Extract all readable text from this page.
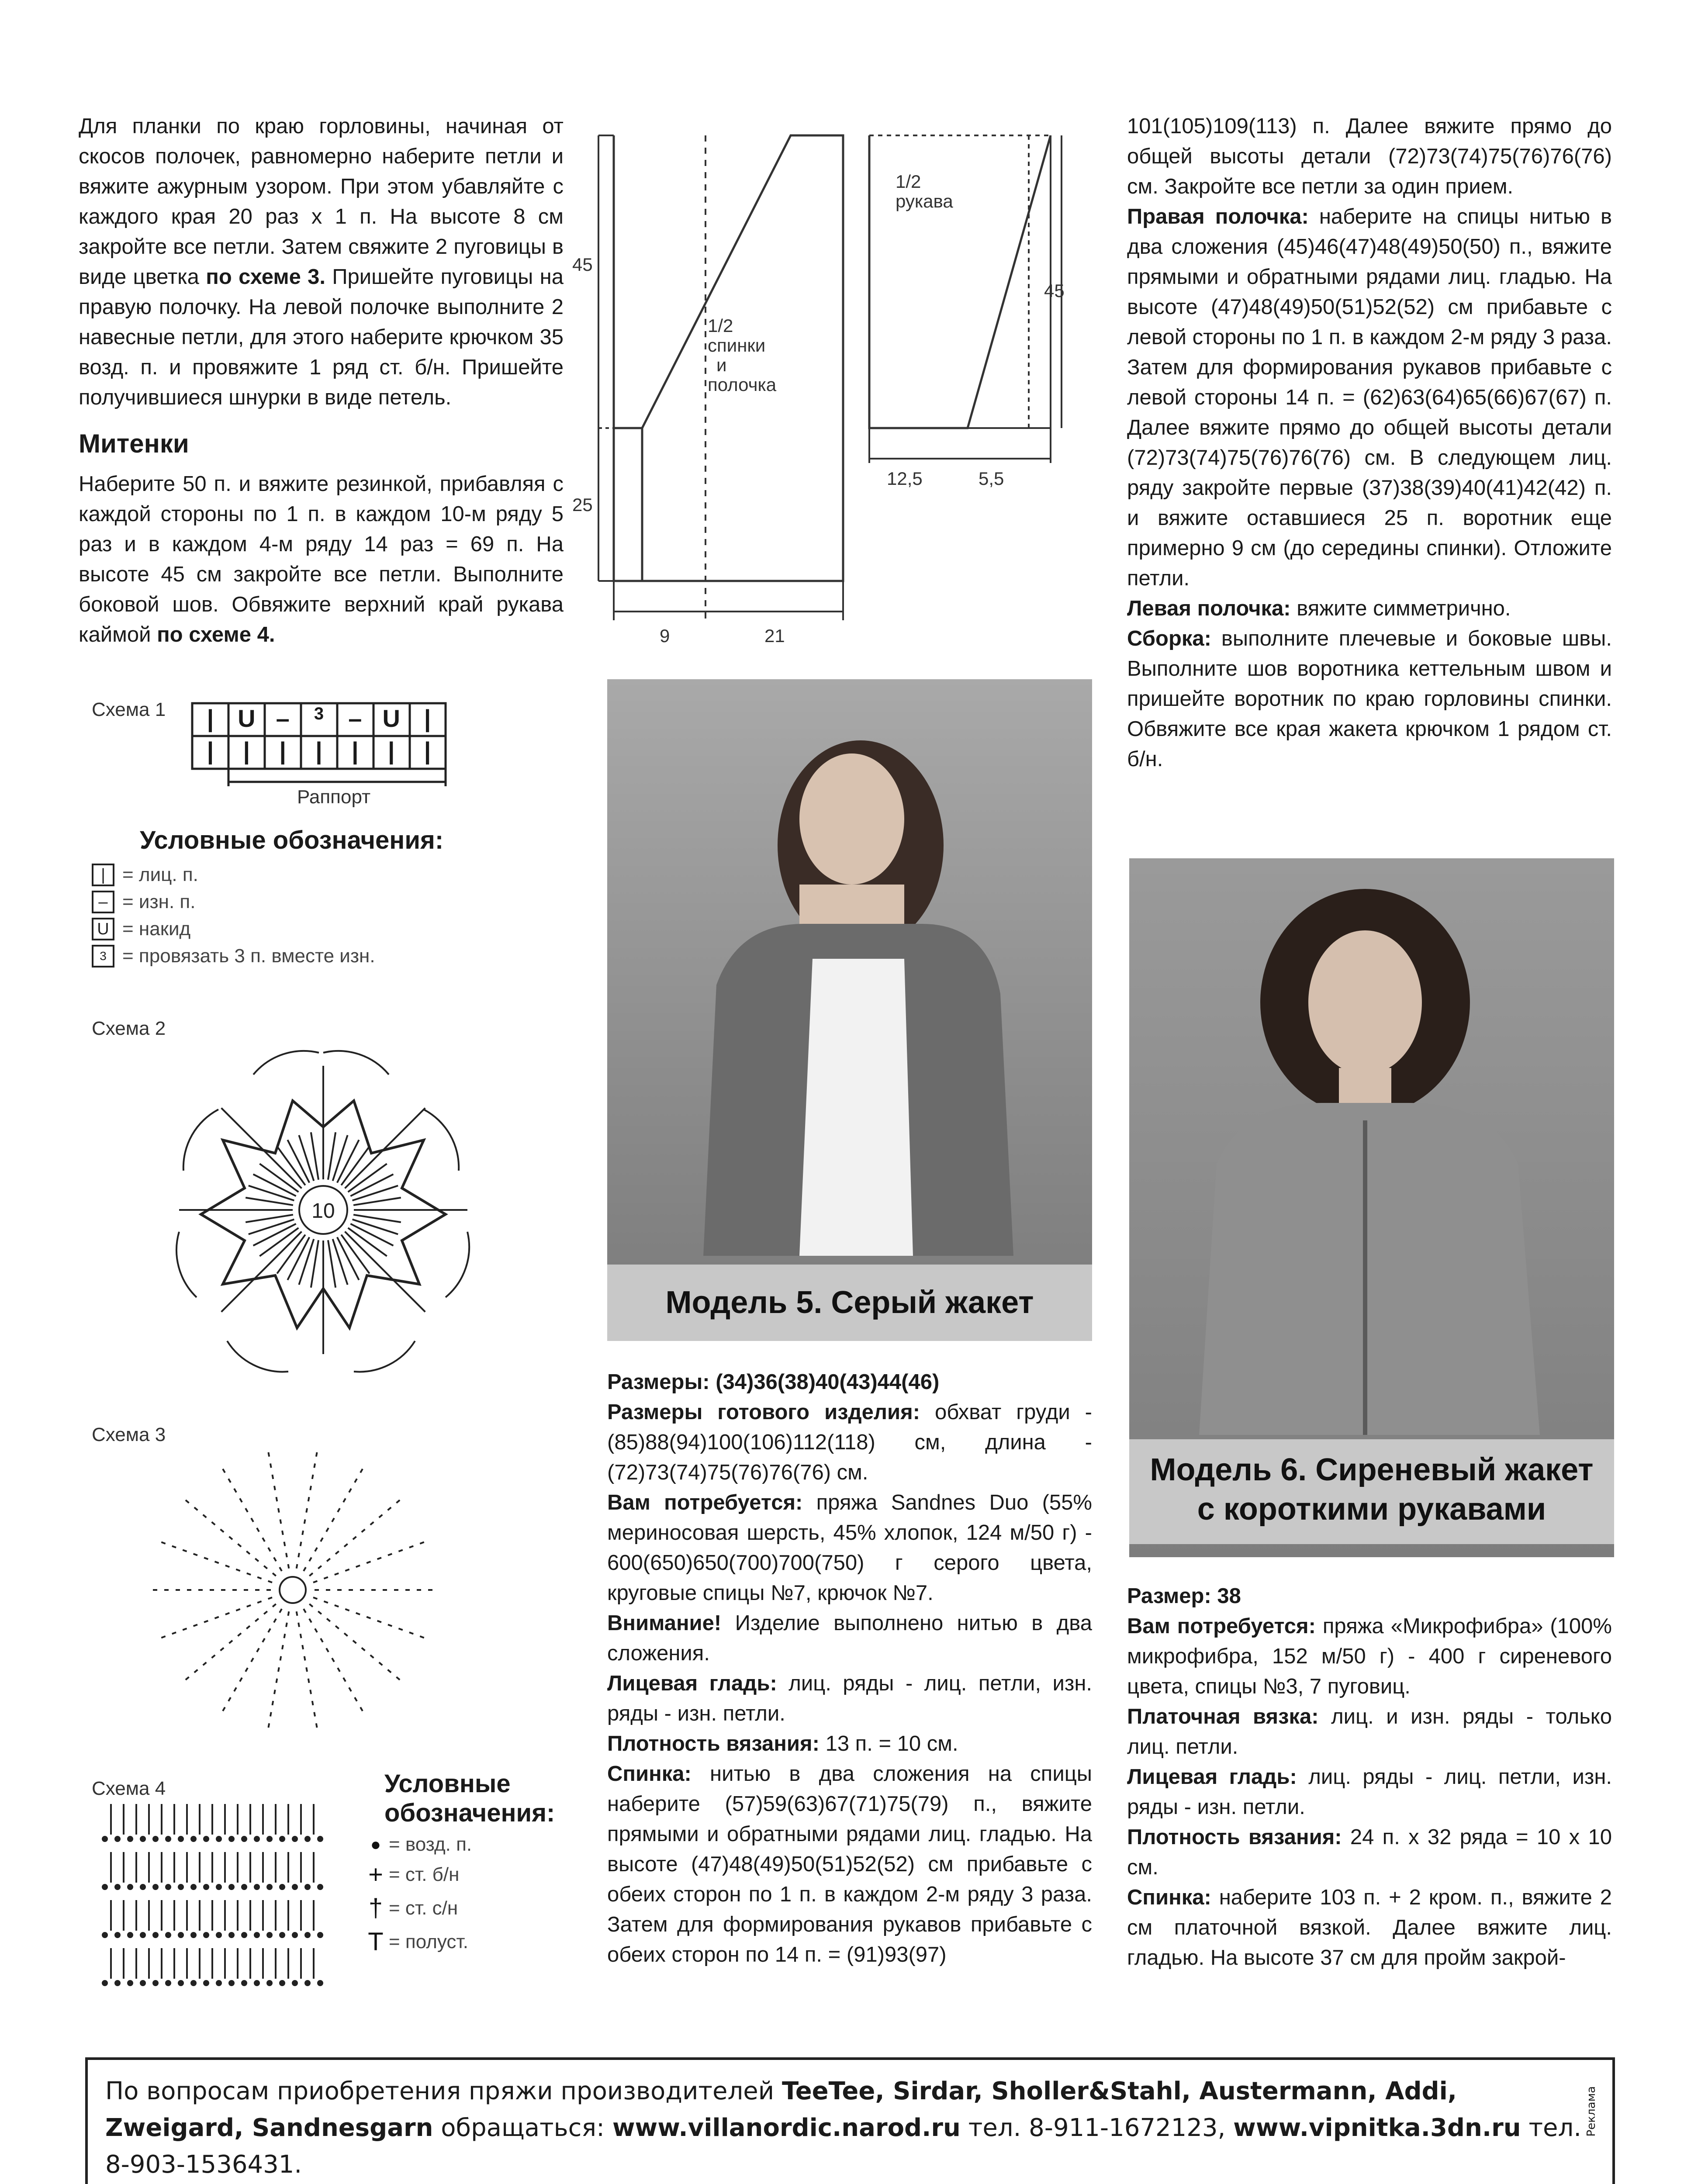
Для планки по краю горловины, начиная от скосов полочек, равномерно наберите петли и вяжите ажурным узором. При этом убавляйте с каждого края 20 раз х 1 п. На высоте 8 см закройте все петли. Затем свяжите 2 пуговицы в виде цветка по схеме 3. Пришейте пуговицы на правую полочку. На левой полочке выполните 2 навесные петли, для этого наберите крючком 35 возд. п. и провяжите 1 ряд ст. б/н. Пришейте получившиеся шнурки в виде петель.

Митенки

Наберите 50 п. и вяжите резинкой, прибавляя с каждой стороны по 1 п. в каждом 10-м ряду 5 раз и в каждом 4-м ряду 14 раз = 69 п. На высоте 45 см закройте все петли. Выполните боковой шов. Обвяжите верхний край рукава каймой по схеме 4.

Схема 1	| U –	3	– U |
|	|	|	|	|	|	|
Раппорт
Условные обозначения:
| = лиц. п.
– = изн. п.
U = накид
3 = провязать 3 п. вместе изн.
Схема 2
10
Схема 3
Схема 4	Условные
обозначения:
● = возд. п.
+ = ст. б/н
† = ст. с/н
Т = полуст.
1/2
спинки
и
полочка
45
25
9	21
1/2
рукава
45
12,5	5,5
Модель 5. Серый жакет

Размеры: (34)36(38)40(43)44(46)

Размеры готового изделия: обхват груди - (85)88(94)100(106)112(118) см, длина - (72)73(74)75(76)76(76) см.

Вам потребуется: пряжа Sandnes Duo (55% мериносовая шерсть, 45% хлопок, 124 м/50 г) - 600(650)650(700)700(750) г серого цвета, круговые спицы №7, крючок №7.

Внимание! Изделие выполнено нитью в два сложения.

Лицевая гладь: лиц. ряды - лиц. петли, изн. ряды - изн. петли.

Плотность вязания: 13 п. = 10 см.

Спинка: нитью в два сложения на спицы наберите (57)59(63)67(71)75(79) п., вяжите прямыми и обратными рядами лиц. гладью. На высоте (47)48(49)50(51)52(52) см прибавьте с обеих сторон по 1 п. в каждом 2-м ряду 3 раза. Затем для формирования рукавов прибавьте с обеих сторон по 14 п. = (91)93(97)

101(105)109(113) п. Далее вяжите прямо до общей высоты детали (72)73(74)75(76)76(76) см. Закройте все петли за один прием.

Правая полочка: наберите на спицы нитью в два сложения (45)46(47)48(49)50(50) п., вяжите прямыми и обратными рядами лиц. гладью. На высоте (47)48(49)50(51)52(52) см прибавьте с левой стороны по 1 п. в каждом 2-м ряду 3 раза. Затем для формирования рукавов прибавьте с левой стороны 14 п. = (62)63(64)65(66)67(67) п. Далее вяжите прямо до общей высоты детали (72)73(74)75(76)76(76) см. В следующем лиц. ряду закройте первые (37)38(39)40(41)42(42) п. и вяжите оставшиеся 25 п. воротник еще примерно 9 см (до середины спинки). Отложите петли.

Левая полочка: вяжите симметрично.

Сборка: выполните плечевые и боковые швы. Выполните шов воротника кеттельным швом и пришейте воротник по краю горловины спинки. Обвяжите все края жакета крючком 1 рядом ст. б/н.

Модель 6. Сиреневый жакет
с короткими рукавами

Размер: 38

Вам потребуется: пряжа «Микрофибра» (100% микрофибра, 152 м/50 г) - 400 г сиреневого цвета, спицы №3, 7 пуговиц.

Платочная вязка: лиц. и изн. ряды - только лиц. петли.

Лицевая гладь: лиц. ряды - лиц. петли, изн. ряды - изн. петли.

Плотность вязания: 24 п. х 32 ряда = 10 х 10 см.

Спинка: наберите 103 п. + 2 кром. п., вяжите 2 см платочной вязкой. Далее вяжите лиц. гладью. На высоте 37 см для пройм закрой-

По вопросам приобретения пряжи производителей TeeTee, Sirdar, Sholler&Stahl, Austermann, Addi, Zweigard, Sandnesgarn обращаться: www.villanordic.narod.ru тел. 8-911-1672123, www.vipnitka.3dn.ru тел. 8-903-1536431.
Реклама
